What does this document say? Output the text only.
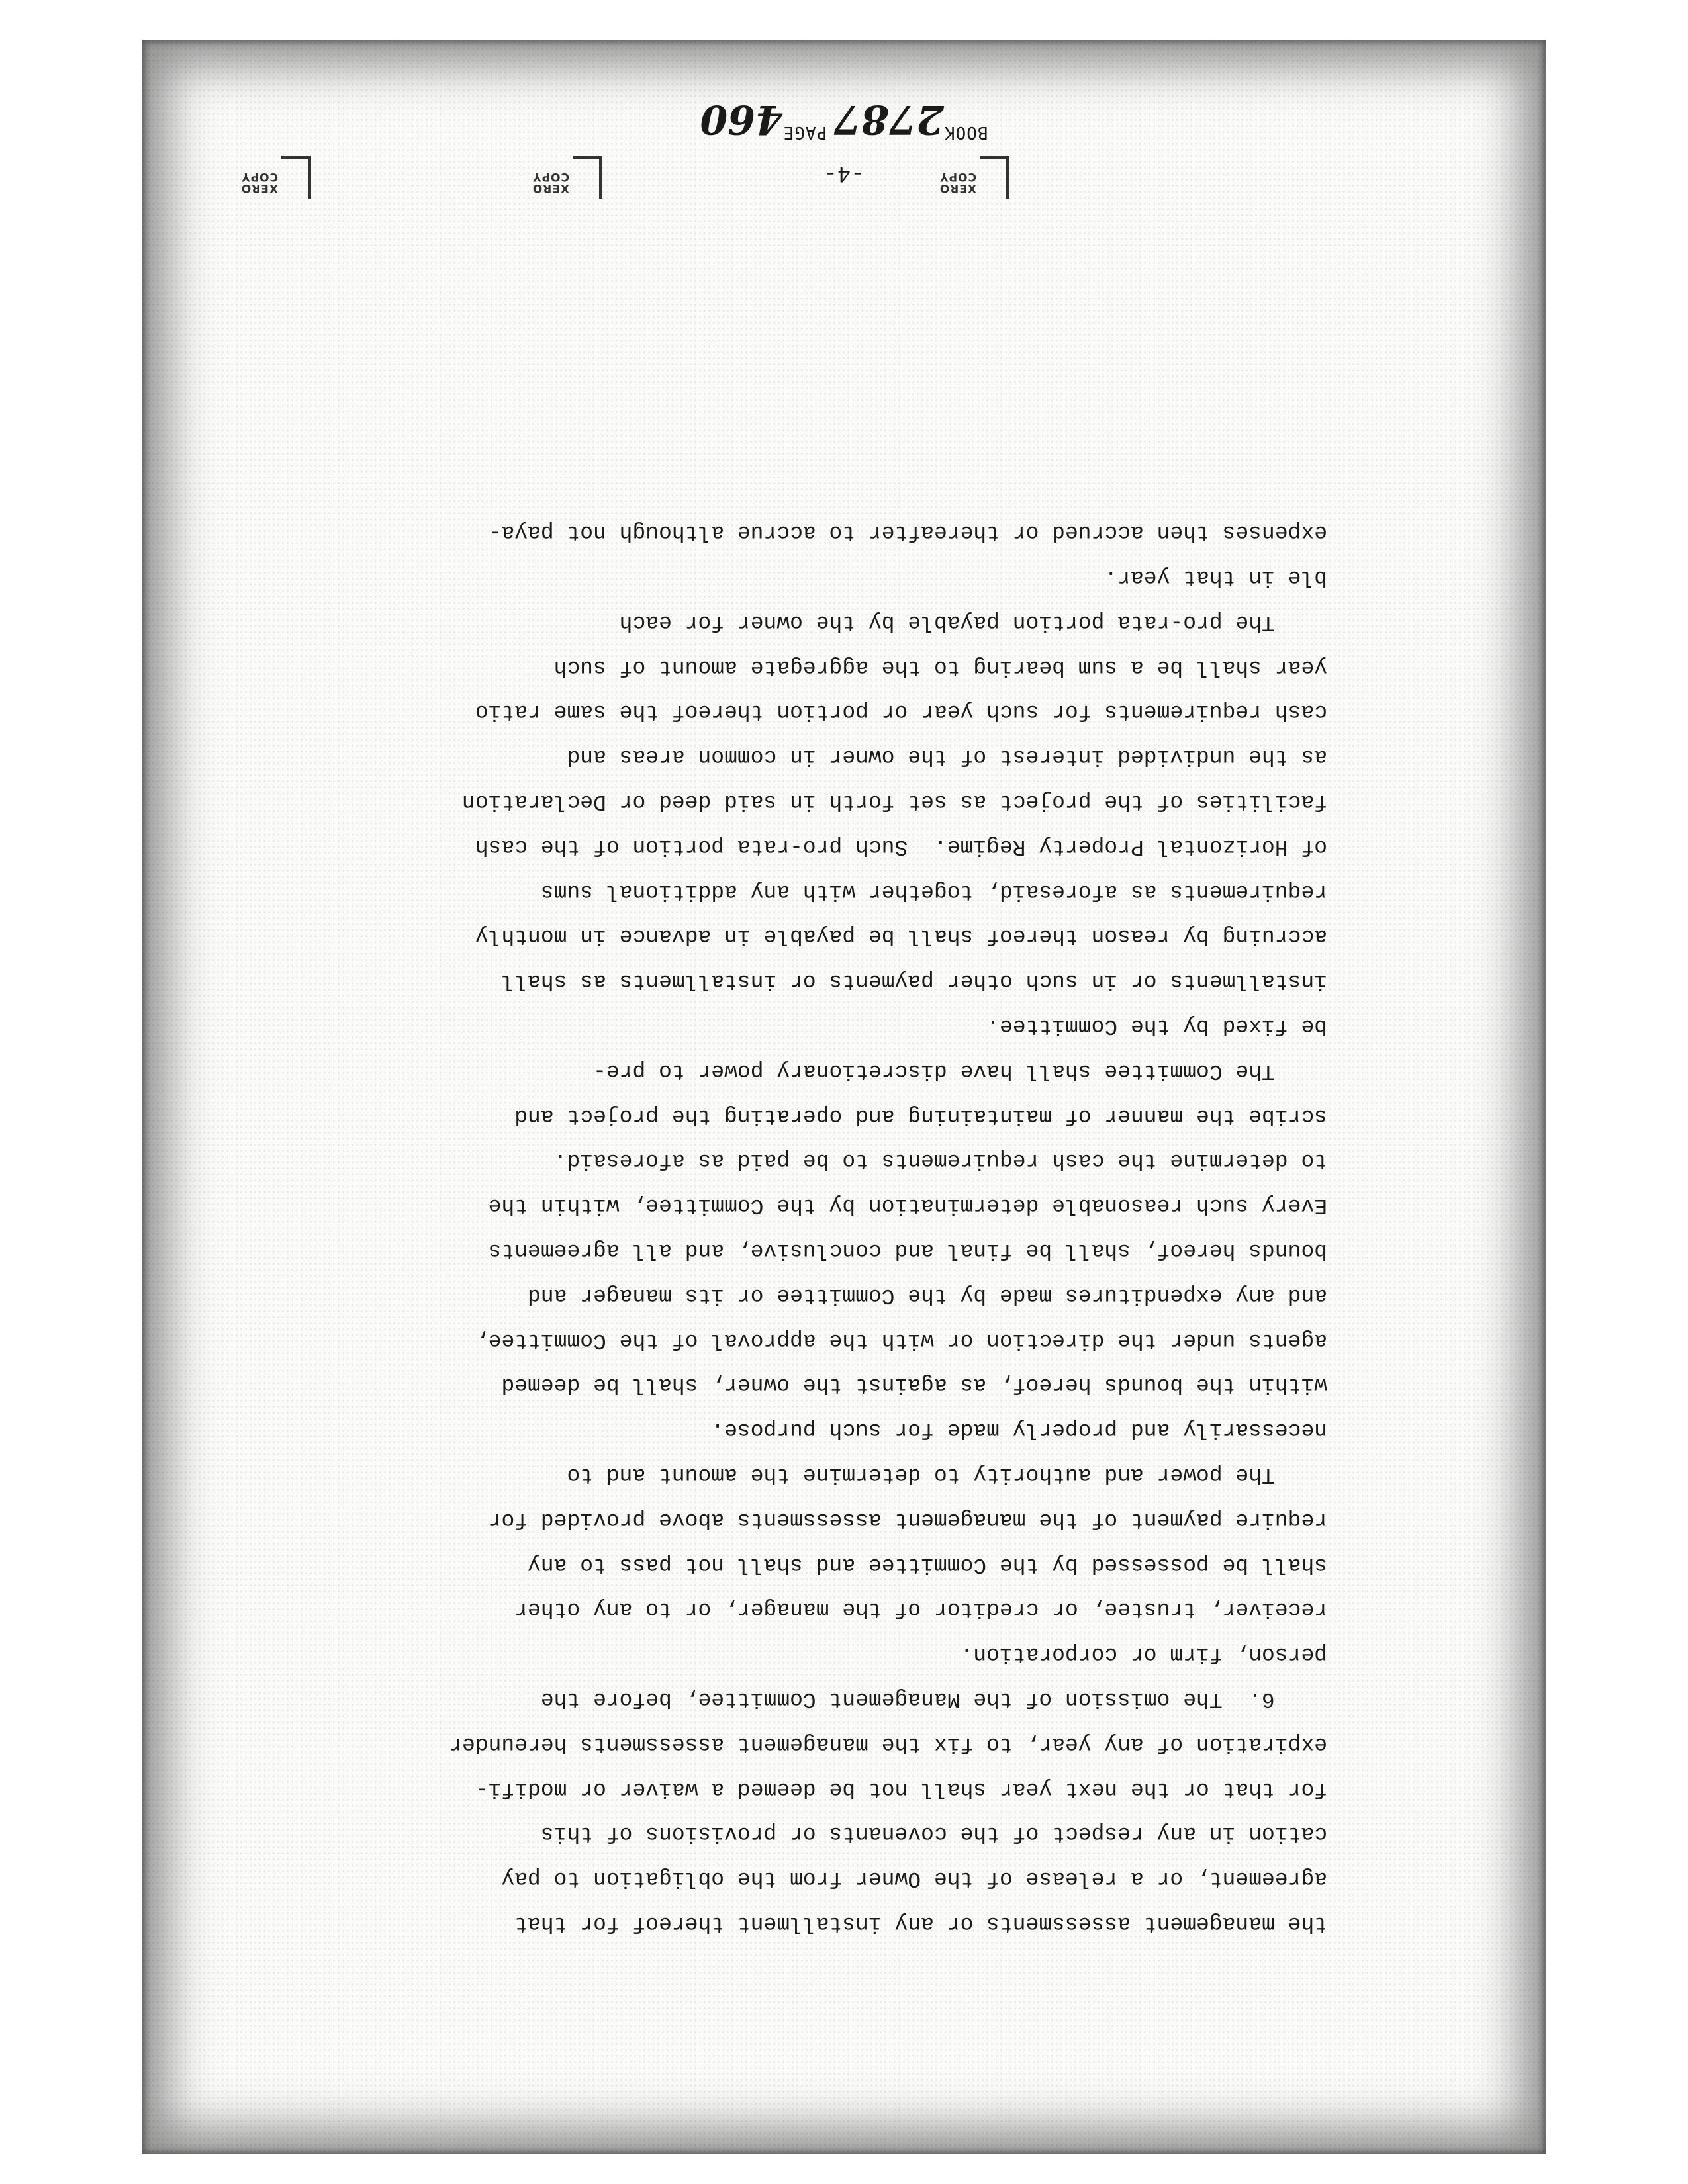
BOOK2787 PAGE460
-4-
the management assessments or any installment thereof for that
agreement, or a release of the Owner from the obligation to pay
cation in any respect of the covenants or provisions of this
for that or the next year shall not be deemed a waiver or modifi-
expiration of any year, to fix the management assessments hereunder
6.  The omission of the Management Committee, before the
person, firm or corporation.
receiver, trustee, or creditor of the manager, or to any other
shall be possessed by the Committee and shall not pass to any
require payment of the management assessments above provided for
The power and authority to determine the amount and to
necessarily and properly made for such purpose.
within the bounds hereof, as against the owner, shall be deemed
agents under the direction or with the approval of the Committee,
and any expenditures made by the Committee or its manager and
bounds hereof, shall be final and conclusive, and all agreements
Every such reasonable determination by the Committee, within the
to determine the cash requirements to be paid as aforesaid.
scribe the manner of maintaining and operating the project and
The Committee shall have discretionary power to pre-
be fixed by the Committee.
installments or in such other payments or installments as shall
accruing by reason thereof shall be payable in advance in monthly
requirements as aforesaid, together with any additional sums
of Horizontal Property Regime.  Such pro-rata portion of the cash
facilities of the project as set forth in said deed or Declaration
as the undivided interest of the owner in common areas and
cash requirements for such year or portion thereof the same ratio
year shall be a sum bearing to the aggregate amount of such
The pro-rata portion payable by the owner for each
ble in that year.
expenses then accrued or thereafter to accrue although not paya-
XERO
COPY
XERO
COPY
XERO
COPY
